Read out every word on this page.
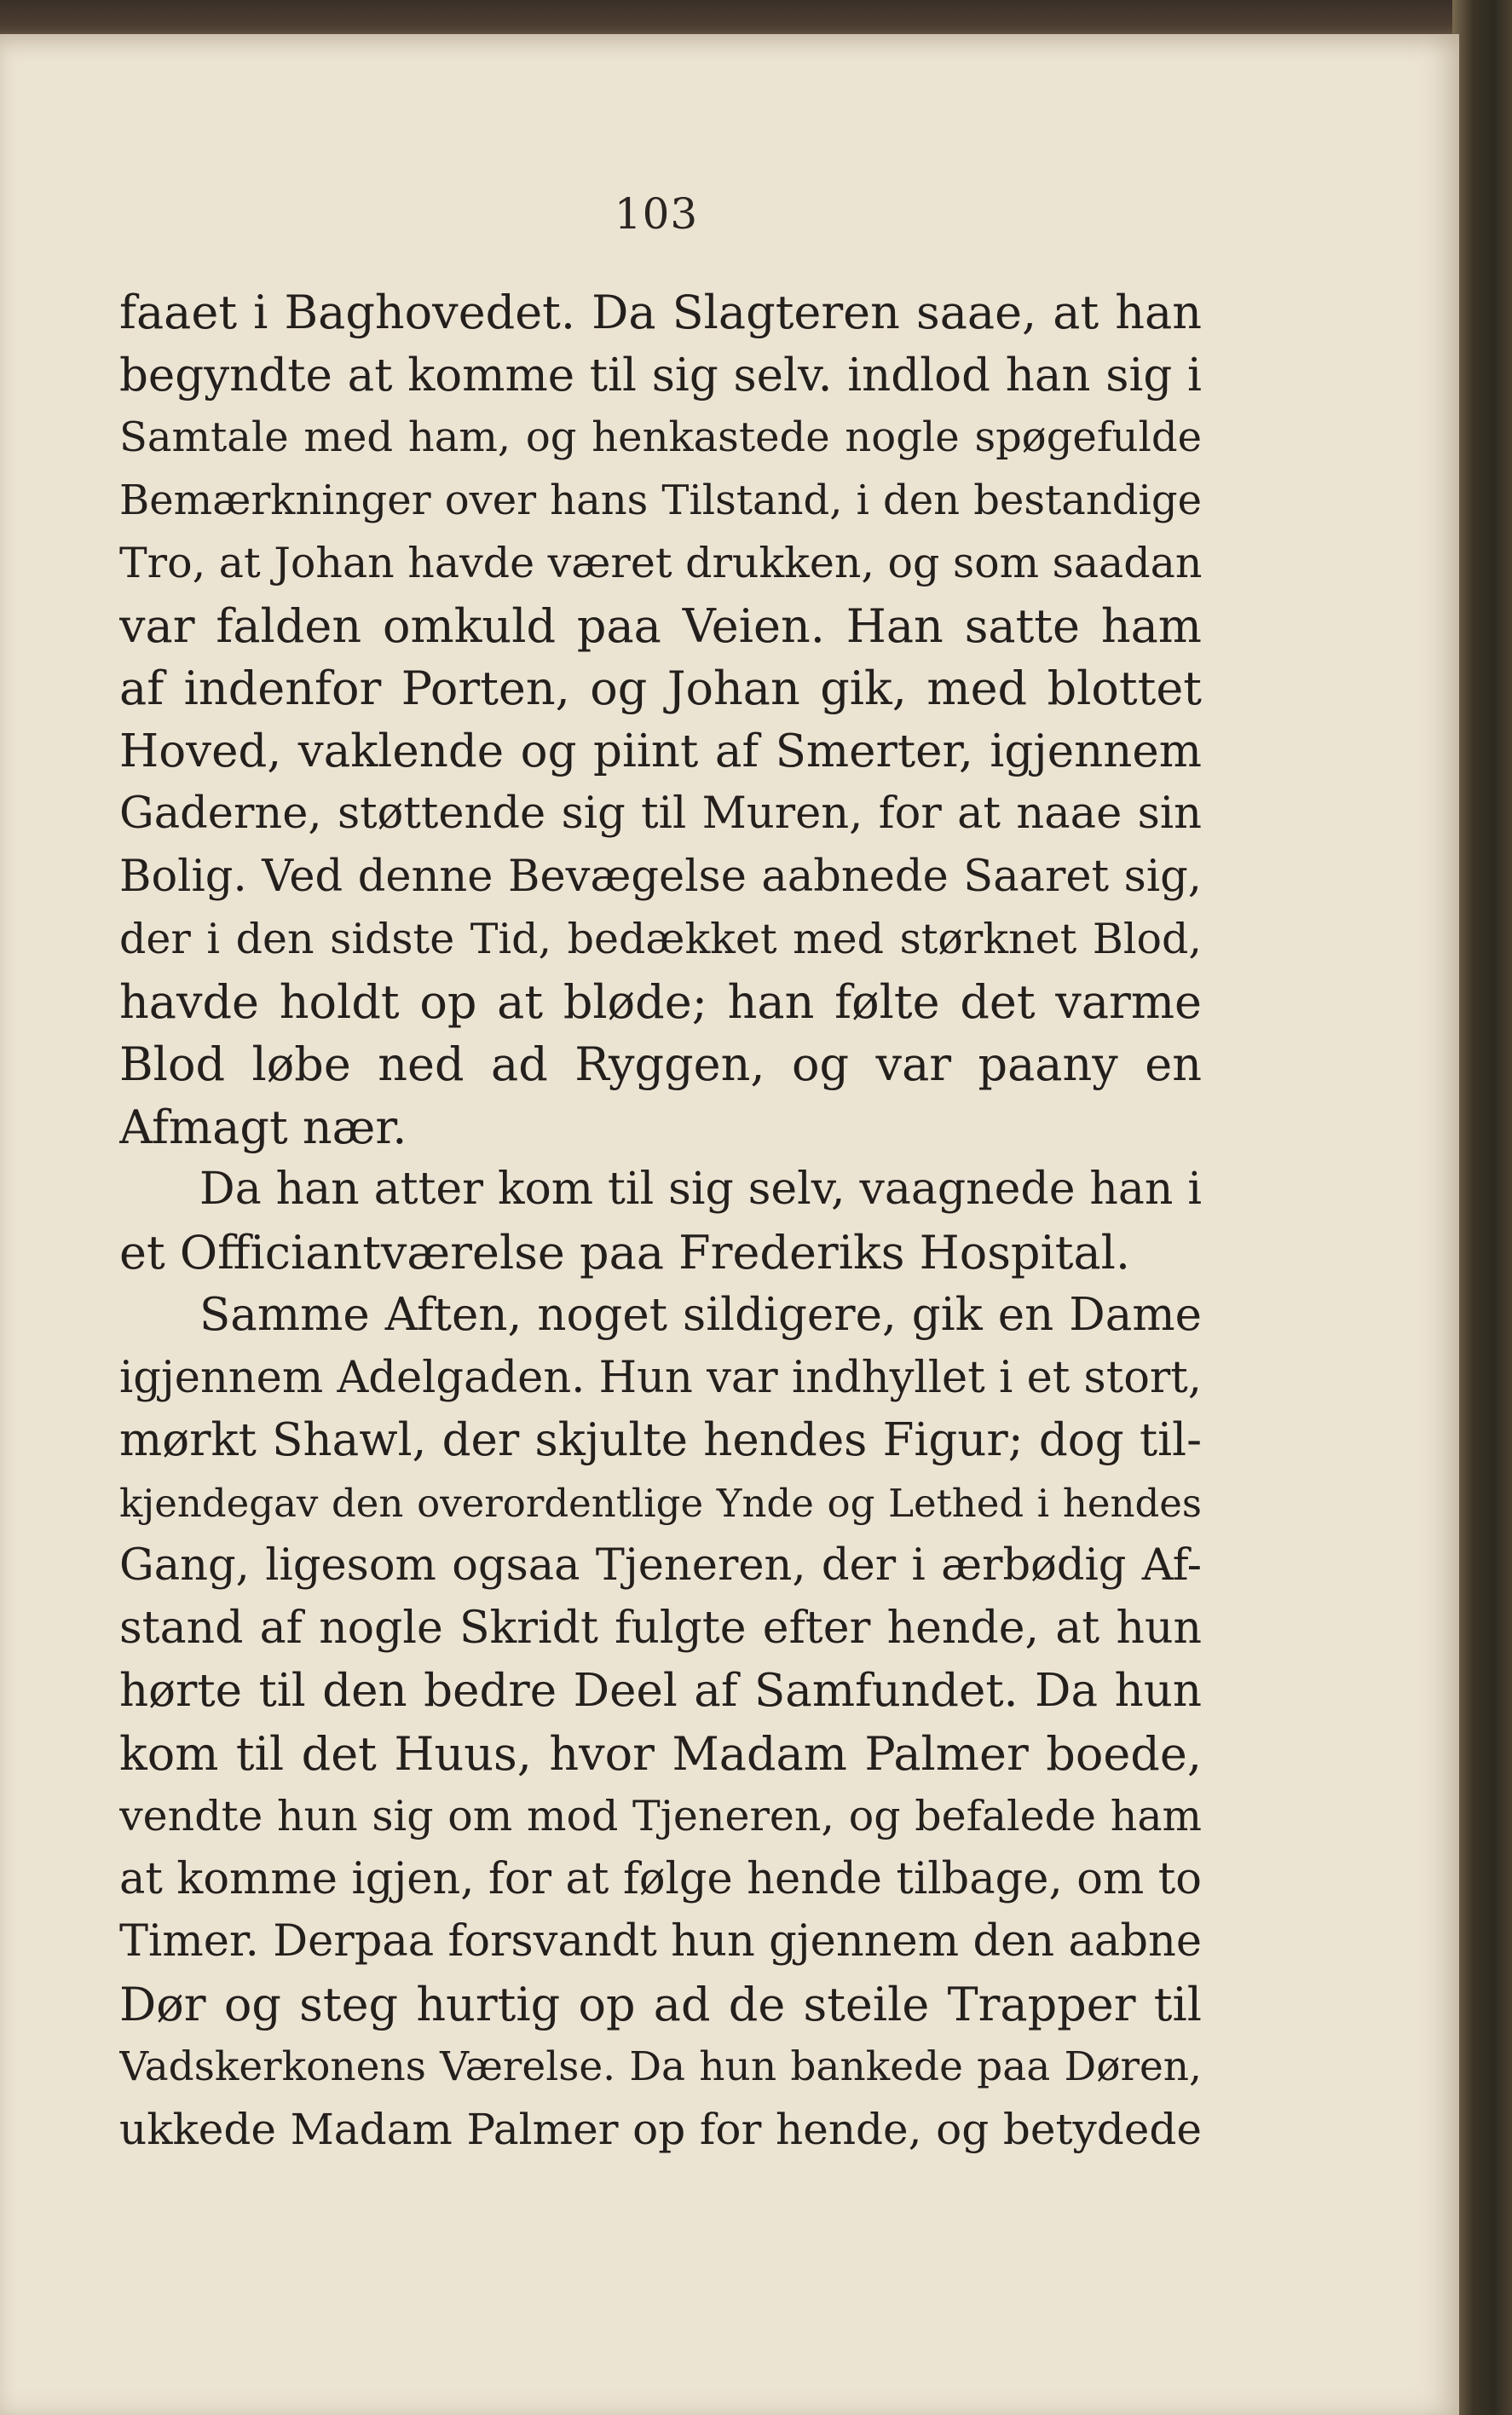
103
faaet i Baghovedet. Da Slagteren saae, at han
begyndte at komme til sig selv. indlod han sig i
Samtale med ham, og henkastede nogle spøgefulde
Bemærkninger over hans Tilstand, i den bestandige
Tro, at Johan havde været drukken, og som saadan
var falden omkuld paa Veien. Han satte ham
af indenfor Porten, og Johan gik, med blottet
Hoved, vaklende og piint af Smerter, igjennem
Gaderne, støttende sig til Muren, for at naae sin
Bolig. Ved denne Bevægelse aabnede Saaret sig,
der i den sidste Tid, bedækket med størknet Blod,
havde holdt op at bløde; han følte det varme
Blod løbe ned ad Ryggen, og var paany en
Afmagt nær.
Da han atter kom til sig selv, vaagnede han i
et Officiantværelse paa Frederiks Hospital.
Samme Aften, noget sildigere, gik en Dame
igjennem Adelgaden. Hun var indhyllet i et stort,
mørkt Shawl, der skjulte hendes Figur; dog til-
kjendegav den overordentlige Ynde og Lethed i hendes
Gang, ligesom ogsaa Tjeneren, der i ærbødig Af-
stand af nogle Skridt fulgte efter hende, at hun
hørte til den bedre Deel af Samfundet. Da hun
kom til det Huus, hvor Madam Palmer boede,
vendte hun sig om mod Tjeneren, og befalede ham
at komme igjen, for at følge hende tilbage, om to
Timer. Derpaa forsvandt hun gjennem den aabne
Dør og steg hurtig op ad de steile Trapper til
Vadskerkonens Værelse. Da hun bankede paa Døren,
ukkede Madam Palmer op for hende, og betydede
